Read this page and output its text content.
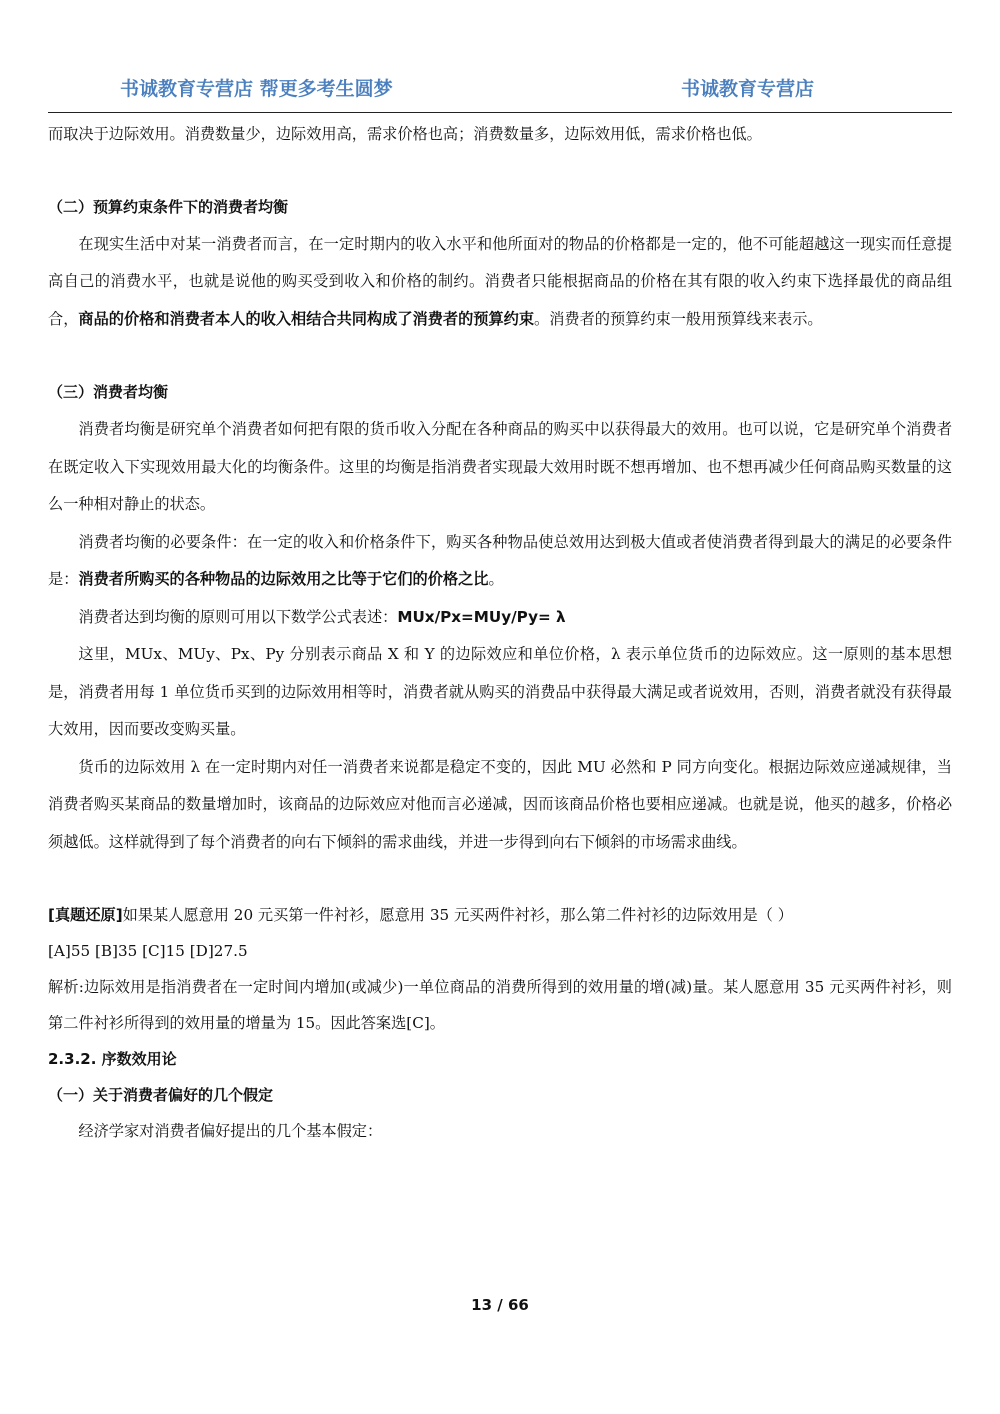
书诚教育专营店 帮更多考生圆梦	书诚教育专营店

而取决于边际效用。消费数量少，边际效用高，需求价格也高；消费数量多，边际效用低，需求价格也低。

（二）预算约束条件下的消费者均衡

在现实生活中对某一消费者而言，在一定时期内的收入水平和他所面对的物品的价格都是一定的，他不可能超越这一现实而任意提高自己的消费水平，也就是说他的购买受到收入和价格的制约。消费者只能根据商品的价格在其有限的收入约束下选择最优的商品组合，商品的价格和消费者本人的收入相结合共同构成了消费者的预算约束。消费者的预算约束一般用预算线来表示。

（三）消费者均衡

消费者均衡是研究单个消费者如何把有限的货币收入分配在各种商品的购买中以获得最大的效用。也可以说，它是研究单个消费者在既定收入下实现效用最大化的均衡条件。这里的均衡是指消费者实现最大效用时既不想再增加、也不想再减少任何商品购买数量的这么一种相对静止的状态。

消费者均衡的必要条件：在一定的收入和价格条件下，购买各种物品使总效用达到极大值或者使消费者得到最大的满足的必要条件是：消费者所购买的各种物品的边际效用之比等于它们的价格之比。

消费者达到均衡的原则可用以下数学公式表述：MUx/Px=MUy/Py= λ

这里，MUx、MUy、Px、Py 分别表示商品 X 和 Y 的边际效应和单位价格，λ 表示单位货币的边际效应。这一原则的基本思想是，消费者用每 1 单位货币买到的边际效用相等时，消费者就从购买的消费品中获得最大满足或者说效用，否则，消费者就没有获得最大效用，因而要改变购买量。

货币的边际效用 λ 在一定时期内对任一消费者来说都是稳定不变的，因此 MU 必然和 P 同方向变化。根据边际效应递减规律，当消费者购买某商品的数量增加时，该商品的边际效应对他而言必递减，因而该商品价格也要相应递减。也就是说，他买的越多，价格必须越低。这样就得到了每个消费者的向右下倾斜的需求曲线，并进一步得到向右下倾斜的市场需求曲线。

[真题还原]如果某人愿意用 20 元买第一件衬衫，愿意用 35 元买两件衬衫，那么第二件衬衫的边际效用是（ ）

[A]55 [B]35 [C]15 [D]27.5

解析:边际效用是指消费者在一定时间内增加(或减少)一单位商品的消费所得到的效用量的增(减)量。某人愿意用 35 元买两件衬衫，则第二件衬衫所得到的效用量的增量为 15。因此答案选[C]。

2.3.2. 序数效用论

（一）关于消费者偏好的几个假定

经济学家对消费者偏好提出的几个基本假定：

13 / 66
